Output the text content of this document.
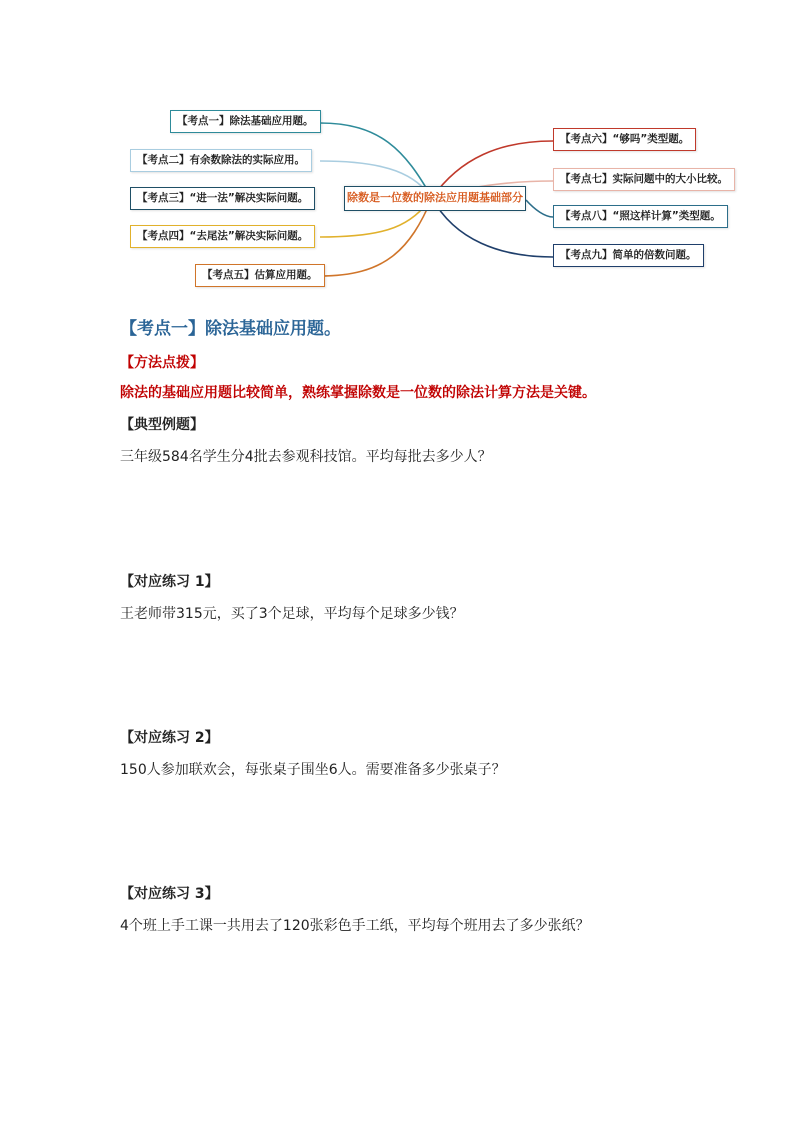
除数是一位数的除法应用题基础部分
【考点一】除法基础应用题。
【考点二】有余数除法的实际应用。
【考点三】“进一法”解决实际问题。
【考点四】“去尾法”解决实际问题。
【考点五】估算应用题。
【考点六】“够吗”类型题。
【考点七】实际问题中的大小比较。
【考点八】“照这样计算”类型题。
【考点九】简单的倍数问题。
【考点一】除法基础应用题。
【方法点拨】
除法的基础应用题比较简单，熟练掌握除数是一位数的除法计算方法是关键。
【典型例题】
三年级584名学生分4批去参观科技馆。平均每批去多少人？
【对应练习 1】
王老师带315元，买了3个足球，平均每个足球多少钱？
【对应练习 2】
150人参加联欢会，每张桌子围坐6人。需要准备多少张桌子？
【对应练习 3】
4个班上手工课一共用去了120张彩色手工纸，平均每个班用去了多少张纸？
